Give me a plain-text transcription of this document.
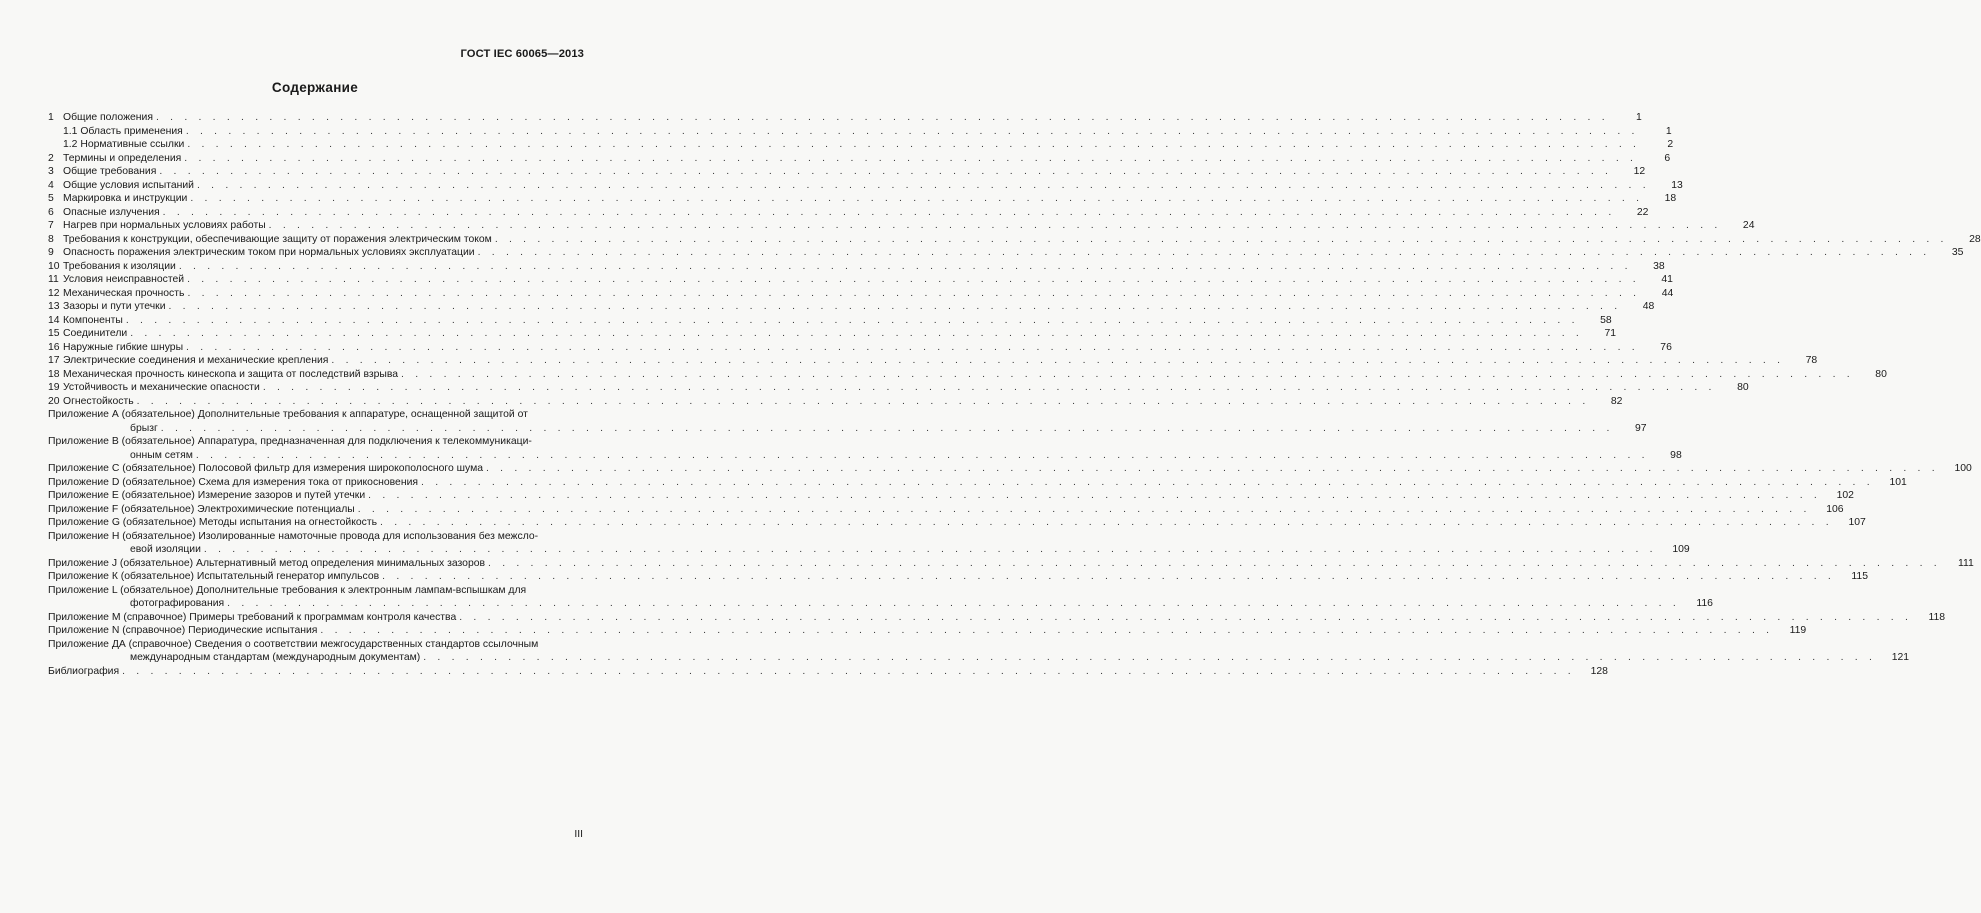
ГОСТ IEC 60065—2013
Содержание
1 Общие положения . . .	1
1.1 Область применения . . .	1
1.2 Нормативные ссылки . . .	2
2 Термины и определения . . .	6
3 Общие требования . . .	12
4 Общие условия испытаний . . .	13
5 Маркировка и инструкции . . .	18
6 Опасные излучения . . .	22
7 Нагрев при нормальных условиях работы . . .	24
8 Требования к конструкции, обеспечивающие защиту от поражения электрическим током . . .	28
9 Опасность поражения электрическим током при нормальных условиях эксплуатации . . .	35
10 Требования к изоляции . . .	38
11 Условия неисправностей . . .	41
12 Механическая прочность . . .	44
13 Зазоры и пути утечки . . .	48
14 Компоненты . . .	58
15 Соединители . . .	71
16 Наружные гибкие шнуры . . .	76
17 Электрические соединения и механические крепления . . .	78
18 Механическая прочность кинескопа и защита от последствий взрыва . . .	80
19 Устойчивость и механические опасности . . .	80
20 Огнестойкость . . .	82
Приложение А (обязательное) Дополнительные требования к аппаратуре, оснащенной защитой от
брызг . . .	97
Приложение В (обязательное) Аппаратура, предназначенная для подключения к телекоммуникаци-
онным сетям . . .	98
Приложение С (обязательное) Полосовой фильтр для измерения широкополосного шума . . .	100
Приложение D (обязательное) Схема для измерения тока от прикосновения . . .	101
Приложение Е (обязательное) Измерение зазоров и путей утечки . . .	102
Приложение F (обязательное) Электрохимические потенциалы . . .	106
Приложение G (обязательное) Методы испытания на огнестойкость . . .	107
Приложение Н (обязательное) Изолированные намоточные провода для использования без межсло-
евой изоляции . . .	109
Приложение J (обязательное) Альтернативный метод определения минимальных зазоров . . .	111
Приложение К (обязательное) Испытательный генератор импульсов . . .	115
Приложение L (обязательное) Дополнительные требования к электронным лампам-вспышкам для
фотографирования . . .	116
Приложение М (справочное) Примеры требований к программам контроля качества . . .	118
Приложение N (справочное) Периодические испытания . . .	119
Приложение ДА (справочное) Сведения о соответствии межгосударственных стандартов ссылочным
международным стандартам (международным документам) . . .	121
Библиография . . .	128
III
